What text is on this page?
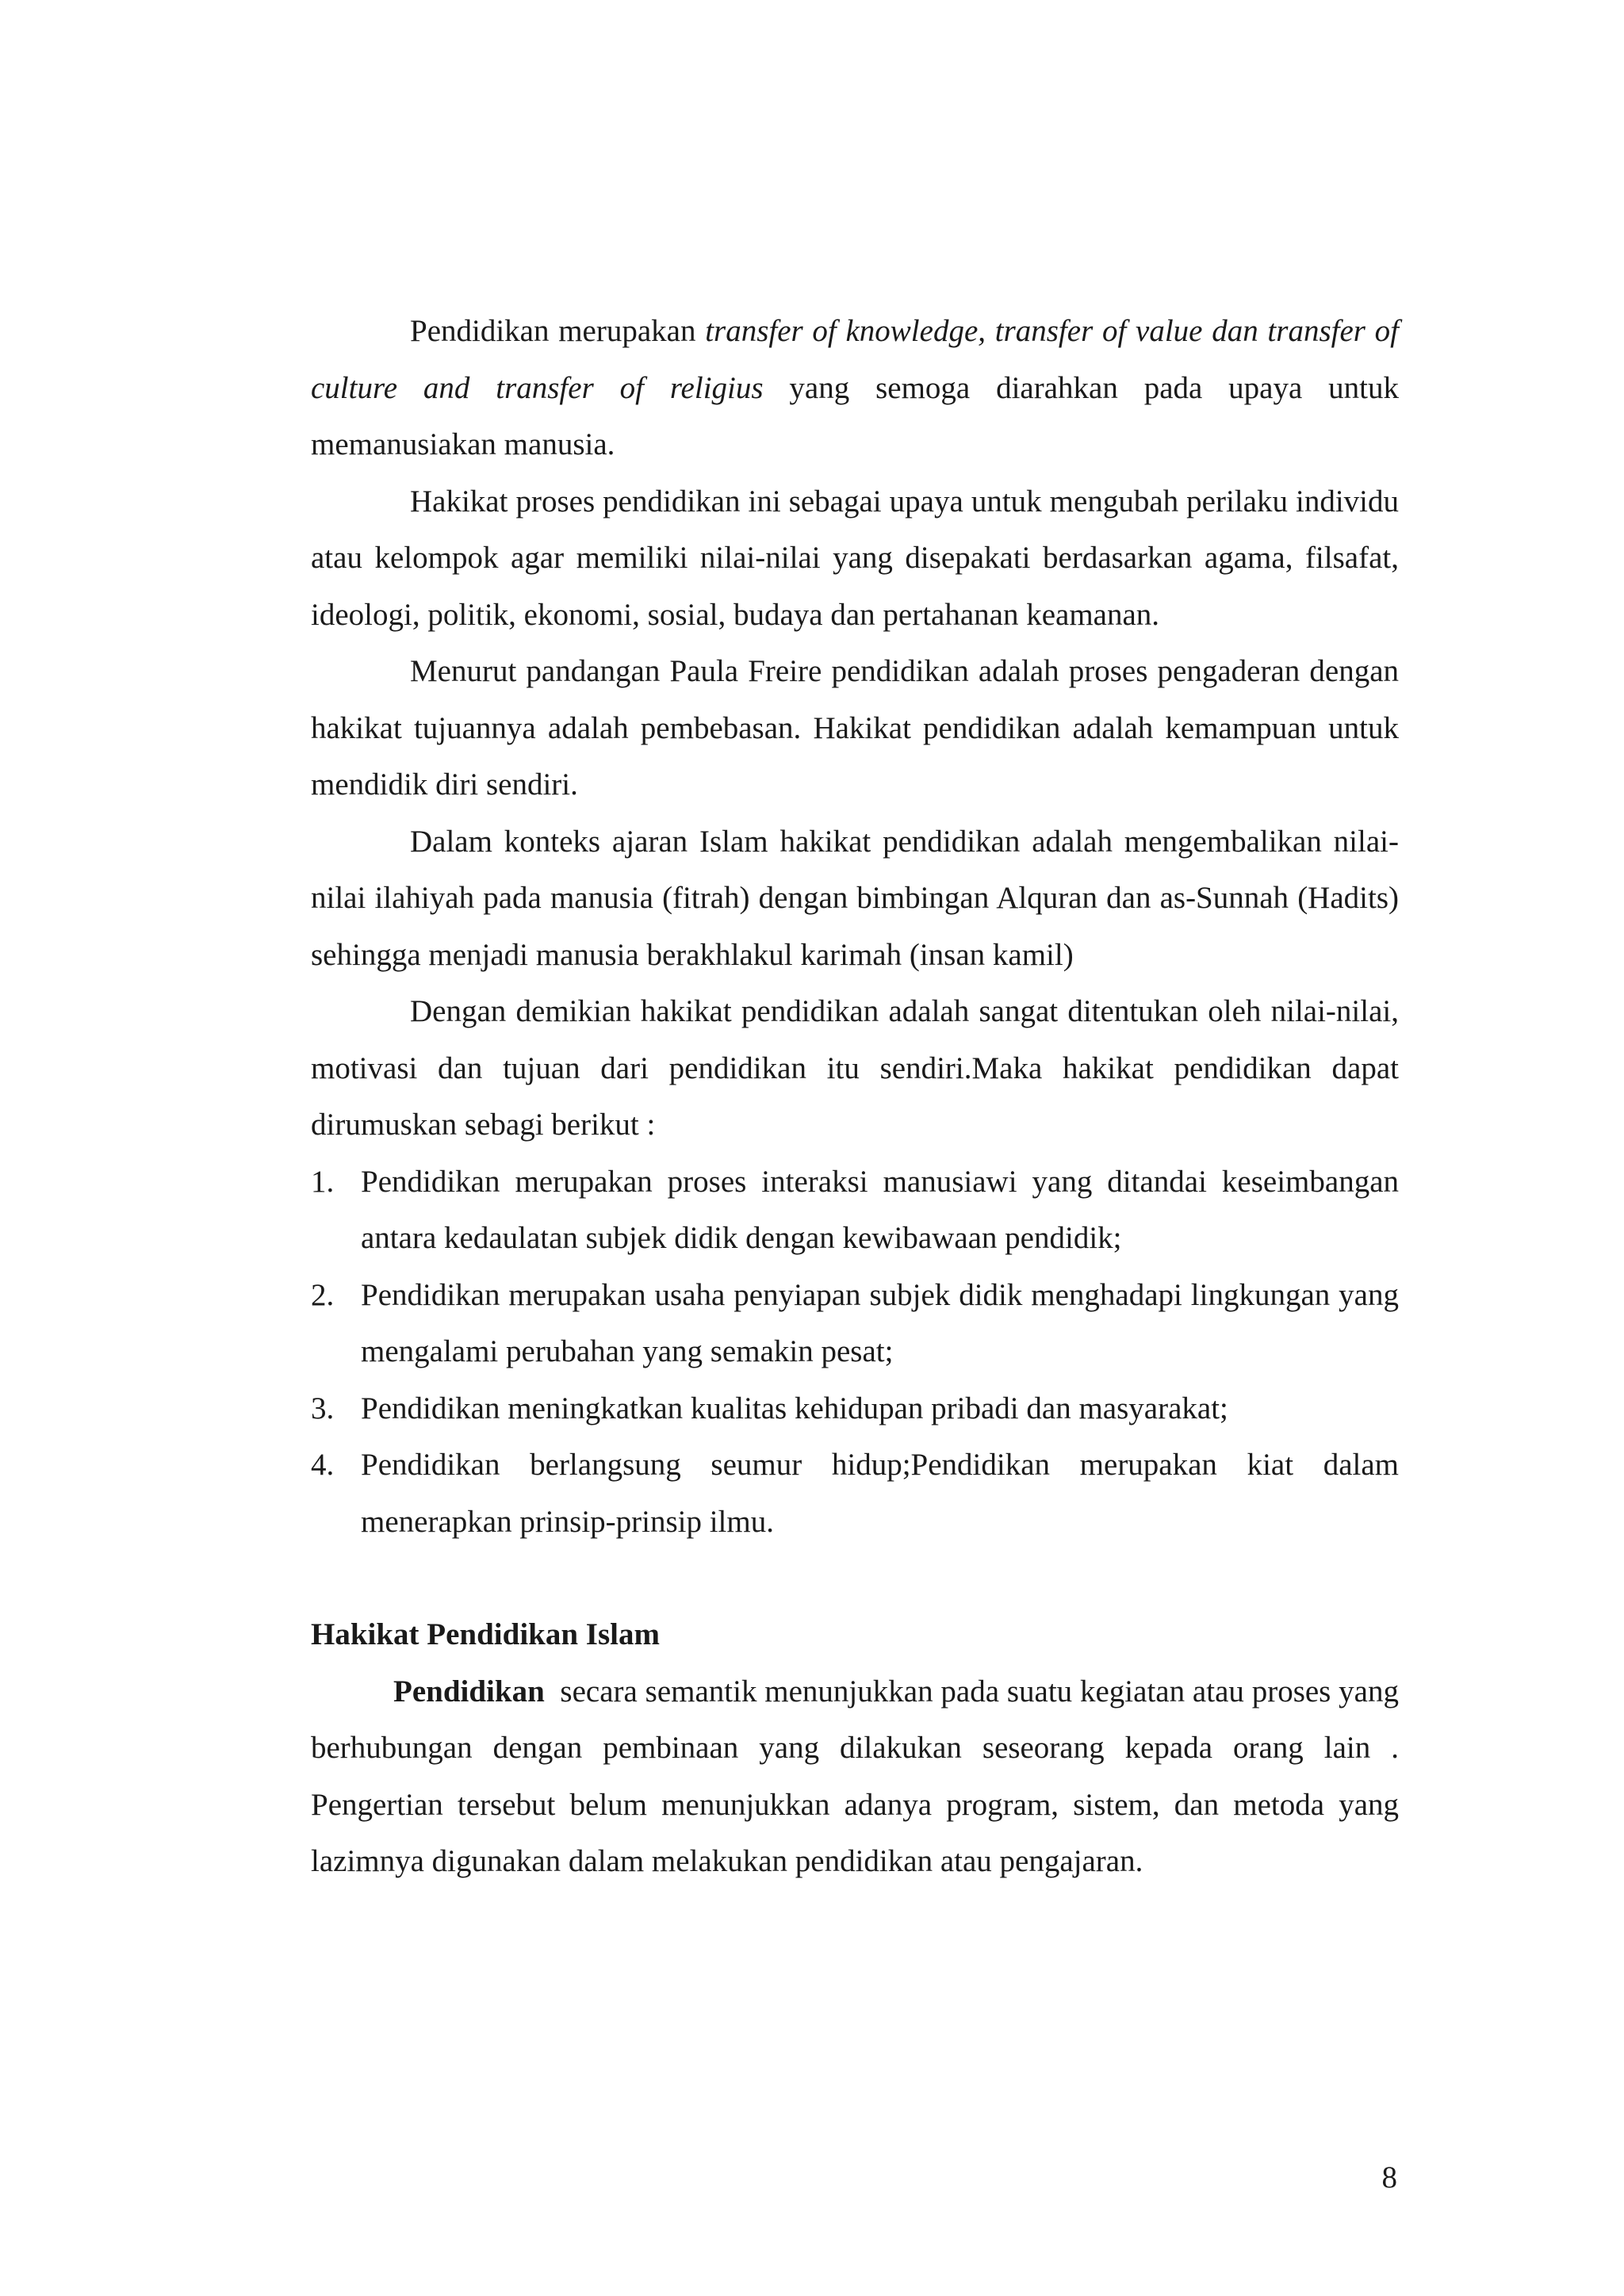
Pendidikan merupakan transfer of knowledge, transfer of value dan transfer of culture and transfer of religius yang semoga diarahkan pada upaya untuk memanusiakan manusia.

Hakikat proses pendidikan ini sebagai upaya untuk mengubah perilaku individu atau kelompok agar memiliki nilai-nilai yang disepakati berdasarkan agama, filsafat, ideologi, politik, ekonomi, sosial, budaya dan pertahanan keamanan.

Menurut pandangan Paula Freire pendidikan adalah proses pengaderan dengan hakikat tujuannya adalah pembebasan. Hakikat pendidikan adalah kemampuan untuk mendidik diri sendiri.

Dalam konteks ajaran Islam hakikat pendidikan adalah mengembalikan nilai-nilai ilahiyah pada manusia (fitrah) dengan bimbingan Alquran dan as-Sunnah (Hadits) sehingga menjadi manusia berakhlakul karimah (insan kamil)

Dengan demikian hakikat pendidikan adalah sangat ditentukan oleh nilai-nilai, motivasi dan tujuan dari pendidikan itu sendiri.Maka hakikat pendidikan dapat dirumuskan sebagi berikut :

1. Pendidikan merupakan proses interaksi manusiawi yang ditandai keseimbangan antara kedaulatan subjek didik dengan kewibawaan pendidik;
2. Pendidikan merupakan usaha penyiapan subjek didik menghadapi lingkungan yang mengalami perubahan yang semakin pesat;
3. Pendidikan meningkatkan kualitas kehidupan pribadi dan masyarakat;
4. Pendidikan berlangsung seumur hidup;Pendidikan merupakan kiat dalam menerapkan prinsip-prinsip ilmu.
Hakikat Pendidikan Islam

Pendidikan  secara semantik menunjukkan pada suatu kegiatan atau proses yang berhubungan dengan pembinaan yang dilakukan seseorang kepada orang lain . Pengertian tersebut belum menunjukkan adanya program, sistem, dan metoda yang lazimnya digunakan dalam melakukan pendidikan atau pengajaran.

8
